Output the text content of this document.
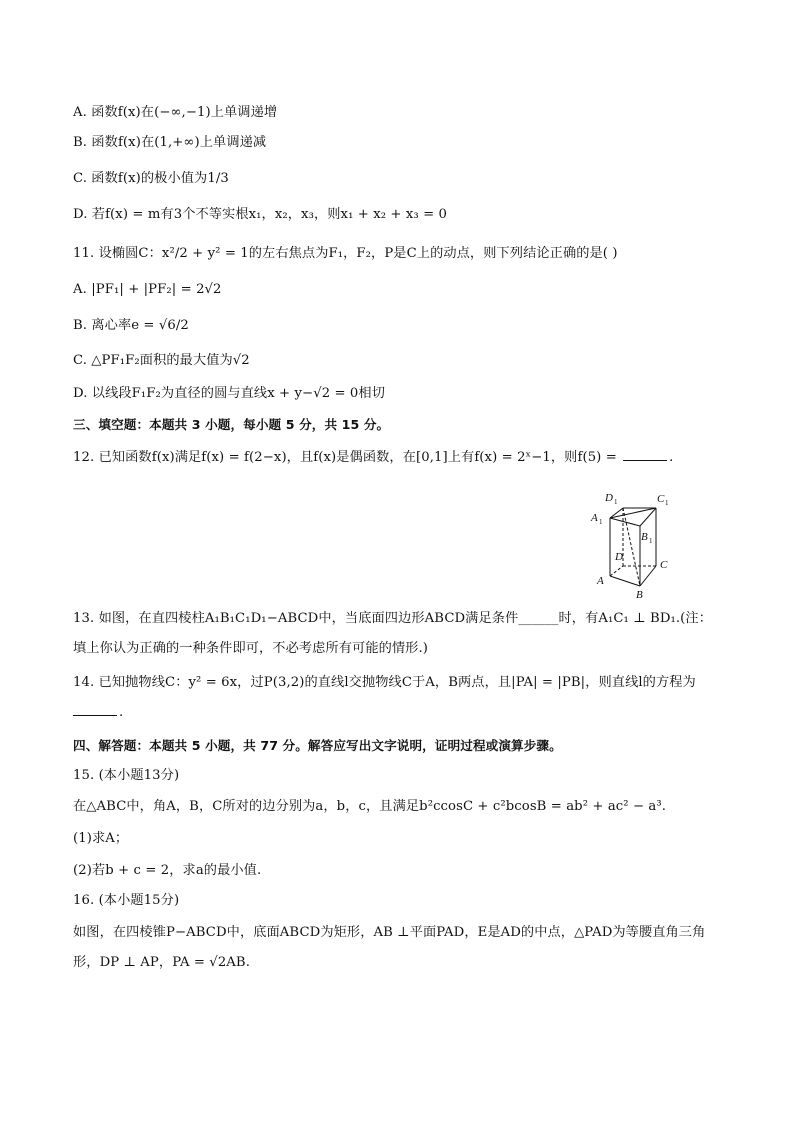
A. 函数f(x)在(−∞,−1)上单调递增
B. 函数f(x)在(1,+∞)上单调递减
C. 函数f(x)的极小值为1/3
D. 若f(x) = m有3个不等实根x₁，x₂，x₃，则x₁ + x₂ + x₃ = 0
11. 设椭圆C：x²/2 + y² = 1的左右焦点为F₁，F₂，P是C上的动点，则下列结论正确的是( )
A. |PF₁| + |PF₂| = 2√2
B. 离心率e = √6/2
C. △PF₁F₂面积的最大值为√2
D. 以线段F₁F₂为直径的圆与直线x + y−√2 = 0相切
三、填空题：本题共 3 小题，每小题 5 分，共 15 分。
12. 已知函数f(x)满足f(x) = f(2−x)，且f(x)是偶函数，在[0,1]上有f(x) = 2ˣ−1，则f(5) =	.
D 1	C 1
A 1
B 1
D
C
A
B
13. 如图，在直四棱柱A₁B₁C₁D₁−ABCD中，当底面四边形ABCD满足条件______时，有A₁C₁ ⊥ BD₁.(注：填上你认为正确的一种条件即可，不必考虑所有可能的情形.)
14. 已知抛物线C：y² = 6x，过P(3,2)的直线l交抛物线C于A，B两点，且|PA| = |PB|，则直线l的方程为
.
四、解答题：本题共 5 小题，共 77 分。解答应写出文字说明，证明过程或演算步骤。
15. (本小题13分)
在△ABC中，角A，B，C所对的边分别为a，b，c，且满足b²ccosC + c²bcosB = ab² + ac² − a³.
(1)求A；
(2)若b + c = 2，求a的最小值.
16. (本小题15分)
如图，在四棱锥P−ABCD中，底面ABCD为矩形，AB ⊥平面PAD，E是AD的中点，△PAD为等腰直角三角形，DP ⊥ AP，PA = √2AB.
